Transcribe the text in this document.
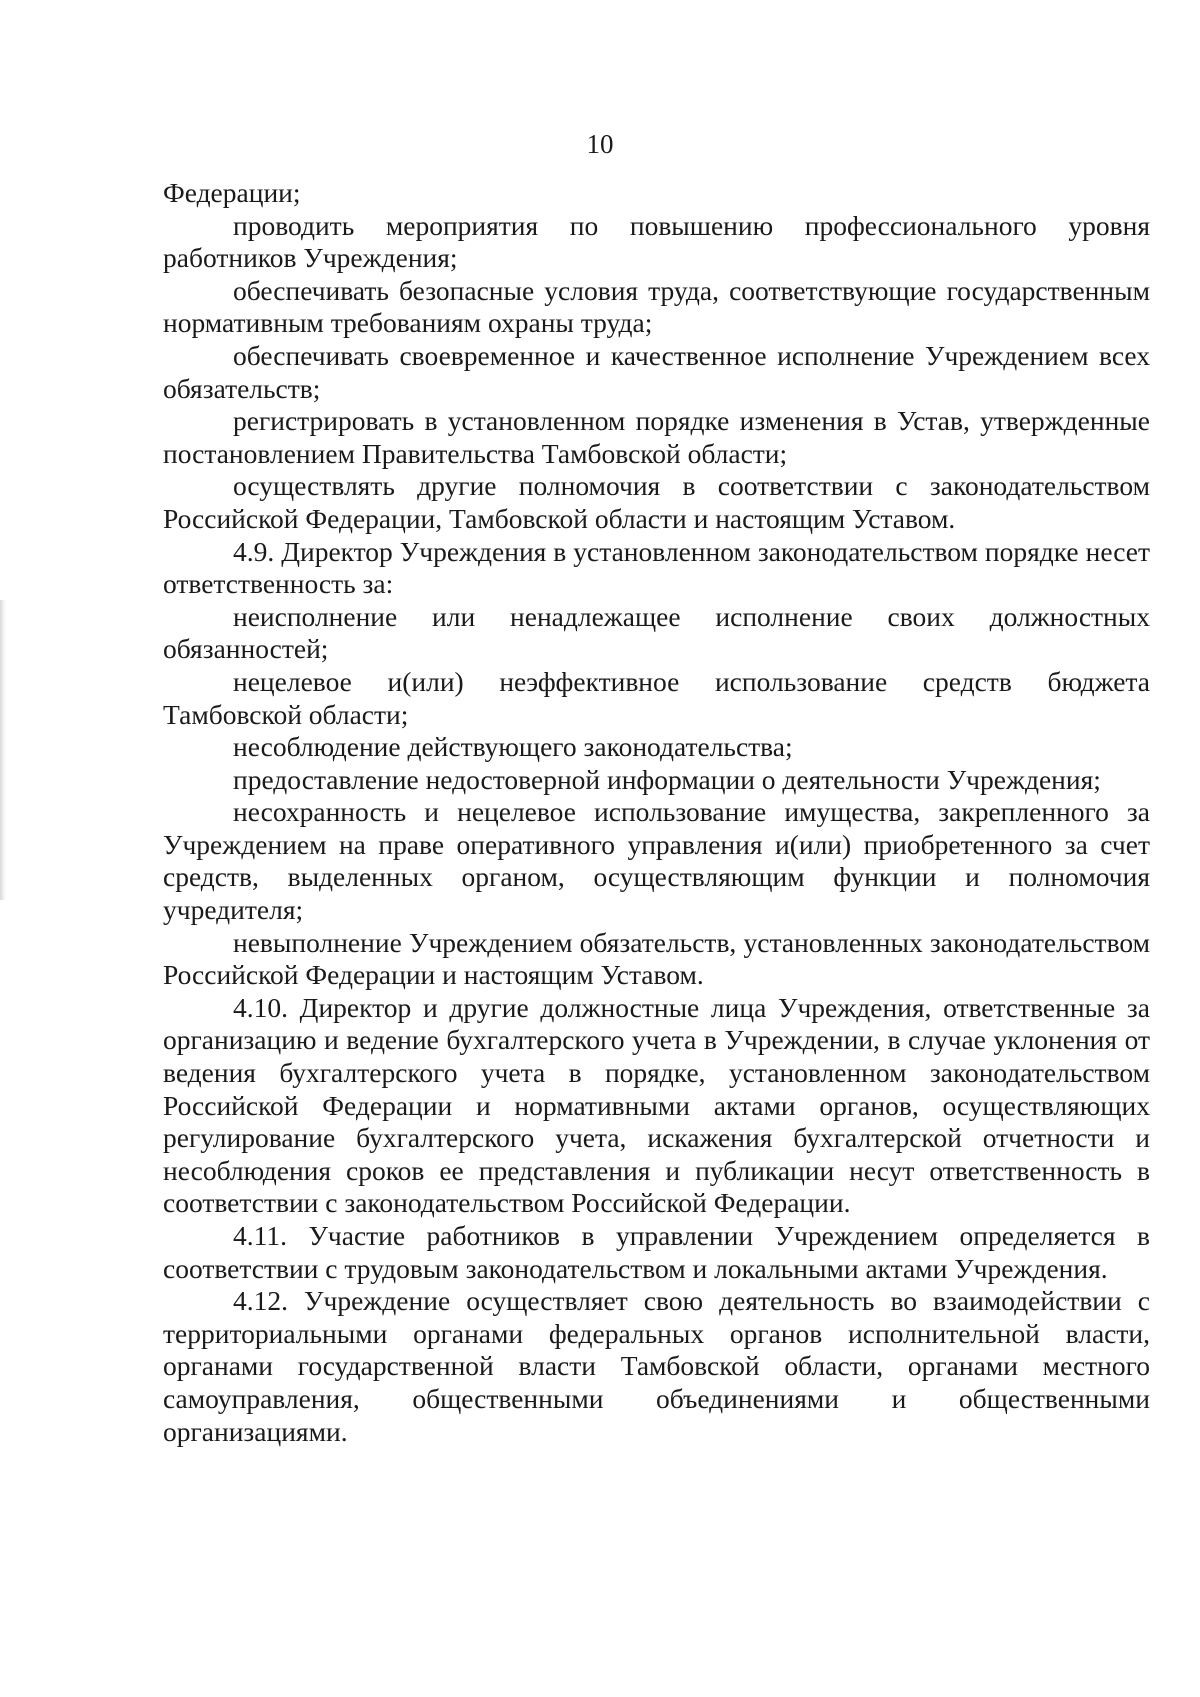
10

Федерации;

проводить мероприятия по повышению профессионального уровня работников Учреждения;

обеспечивать безопасные условия труда, соответствующие государственным нормативным требованиям охраны труда;

обеспечивать своевременное и качественное исполнение Учреждением всех обязательств;

регистрировать в установленном порядке изменения в Устав, утвержденные постановлением Правительства Тамбовской области;

осуществлять другие полномочия в соответствии с законодательством Российской Федерации, Тамбовской области и настоящим Уставом.

4.9. Директор Учреждения в установленном законодательством порядке несет ответственность за:

неисполнение или ненадлежащее исполнение своих должностных обязанностей;

нецелевое и(или) неэффективное использование средств бюджета Тамбовской области;

несоблюдение действующего законодательства;

предоставление недостоверной информации о деятельности Учреждения;

несохранность и нецелевое использование имущества, закрепленного за Учреждением на праве оперативного управления и(или) приобретенного за счет средств, выделенных органом, осуществляющим функции и полномочия учредителя;

невыполнение Учреждением обязательств, установленных законодательством Российской Федерации и настоящим Уставом.

4.10. Директор и другие должностные лица Учреждения, ответственные за организацию и ведение бухгалтерского учета в Учреждении, в случае уклонения от ведения бухгалтерского учета в порядке, установленном законодательством Российской Федерации и нормативными актами органов, осуществляющих регулирование бухгалтерского учета, искажения бухгалтерской отчетности и несоблюдения сроков ее представления и публикации несут ответственность в соответствии с законодательством Российской Федерации.

4.11. Участие работников в управлении Учреждением определяется в соответствии с трудовым законодательством и локальными актами Учреждения.

4.12. Учреждение осуществляет свою деятельность во взаимодействии с территориальными органами федеральных органов исполнительной власти, органами государственной власти Тамбовской области, органами местного самоуправления, общественными объединениями и общественными организациями.
